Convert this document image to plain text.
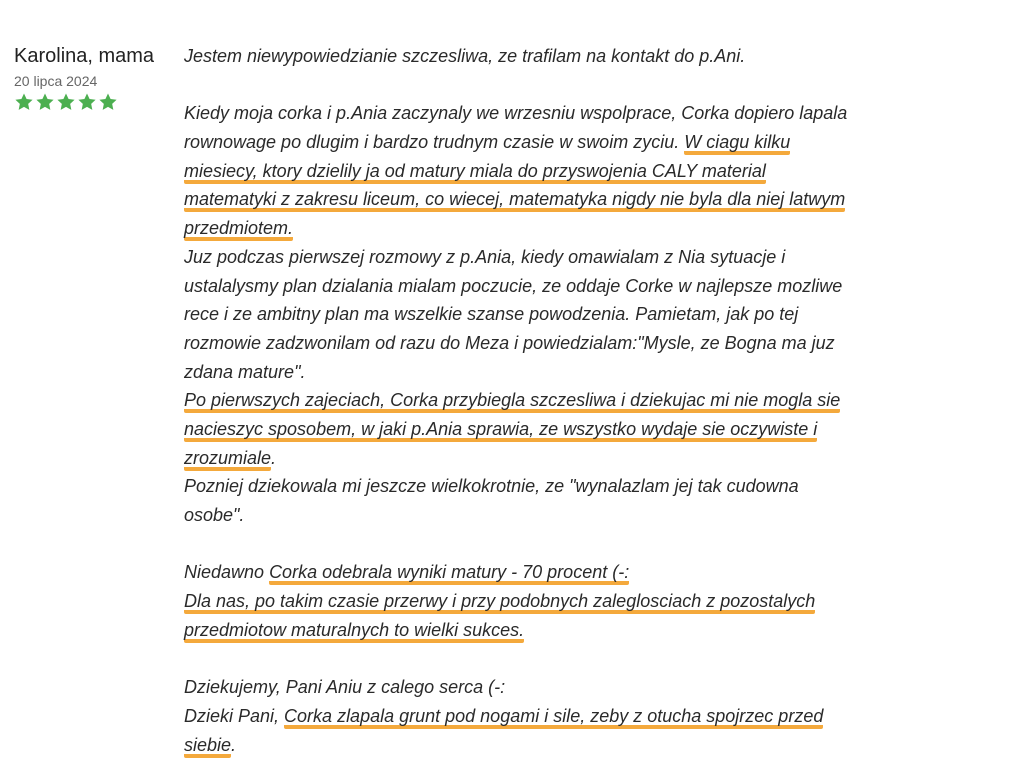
Karolina, mama
20 lipca 2024
Jestem niewypowiedzianie szczesliwa, ze trafilam na kontakt do p.Ani.
Kiedy moja corka i p.Ania zaczynaly we wrzesniu wspolprace, Corka dopiero lapala
rownowage po dlugim i bardzo trudnym czasie w swoim zyciu. W ciagu kilku
miesiecy, ktory dzielily ja od matury miala do przyswojenia CALY material
matematyki z zakresu liceum, co wiecej, matematyka nigdy nie byla dla niej latwym
przedmiotem.
Juz podczas pierwszej rozmowy z p.Ania, kiedy omawialam z Nia sytuacje i
ustalalysmy plan dzialania mialam poczucie, ze oddaje Corke w najlepsze mozliwe
rece i ze ambitny plan ma wszelkie szanse powodzenia. Pamietam, jak po tej
rozmowie zadzwonilam od razu do Meza i powiedzialam:"Mysle, ze Bogna ma juz
zdana mature".
Po pierwszych zajeciach, Corka przybiegla szczesliwa i dziekujac mi nie mogla sie
nacieszyc sposobem, w jaki p.Ania sprawia, ze wszystko wydaje sie oczywiste i
zrozumiale.
Pozniej dziekowala mi jeszcze wielkokrotnie, ze "wynalazlam jej tak cudowna
osobe".
Niedawno Corka odebrala wyniki matury - 70 procent (-:
Dla nas, po takim czasie przerwy i przy podobnych zaleglosciach z pozostalych
przedmiotow maturalnych to wielki sukces.
Dziekujemy, Pani Aniu z calego serca (-:
Dzieki Pani, Corka zlapala grunt pod nogami i sile, zeby z otucha spojrzec przed
siebie.
